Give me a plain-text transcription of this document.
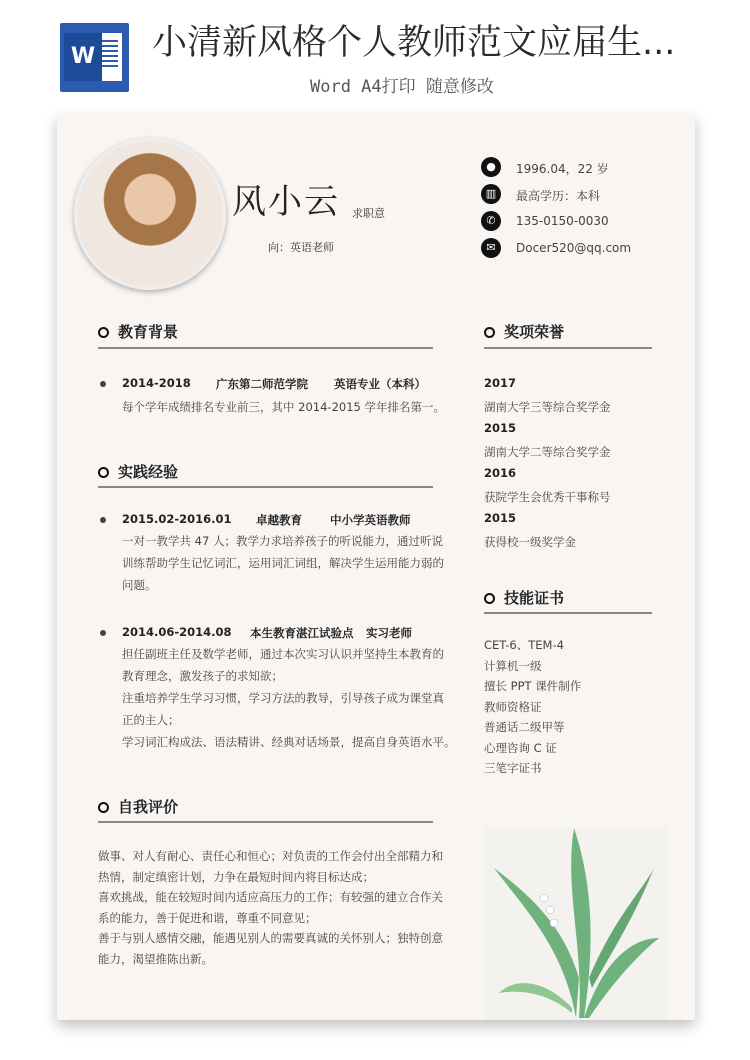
W 小清新风格个人教师范文应届生...
Word A4打印 随意修改
风小云 求职意
向：英语老师
●	1996.04，22 岁
▥	最高学历：本科
✆	135-0150-0030
✉	Docer520@qq.com
教育背景
2014-2018 广东第二师范学院 英语专业（本科）
每个学年成绩排名专业前三，其中 2014-2015 学年排名第一。
实践经验
2015.02-2016.01 卓越教育 中小学英语教师
一对一教学共 47 人；教学力求培养孩子的听说能力，通过听说
训练帮助学生记忆词汇，运用词汇词组，解决学生运用能力弱的
问题。
2014.06-2014.08 本生教育湛江试验点 实习老师
担任副班主任及数学老师，通过本次实习认识并坚持生本教育的
教育理念，激发孩子的求知欲；
注重培养学生学习习惯，学习方法的教导，引导孩子成为课堂真
正的主人；
学习词汇构成法、语法精讲、经典对话场景，提高自身英语水平。
自我评价
做事、对人有耐心、责任心和恒心；对负责的工作会付出全部精力和
热情，制定缜密计划，力争在最短时间内将目标达成；
喜欢挑战，能在较短时间内适应高压力的工作；有较强的建立合作关
系的能力，善于促进和谐，尊重不同意见；
善于与别人感情交融，能遇见别人的需要真诚的关怀别人；独特创意
能力，渴望推陈出新。
奖项荣誉
2017
湖南大学三等综合奖学金
2015
湖南大学二等综合奖学金
2016
获院学生会优秀干事称号
2015
获得校一级奖学金
技能证书
CET-6、TEM-4
计算机一级
擅长 PPT 课件制作
教师资格证
普通话二级甲等
心理咨询 C 证
三笔字证书
